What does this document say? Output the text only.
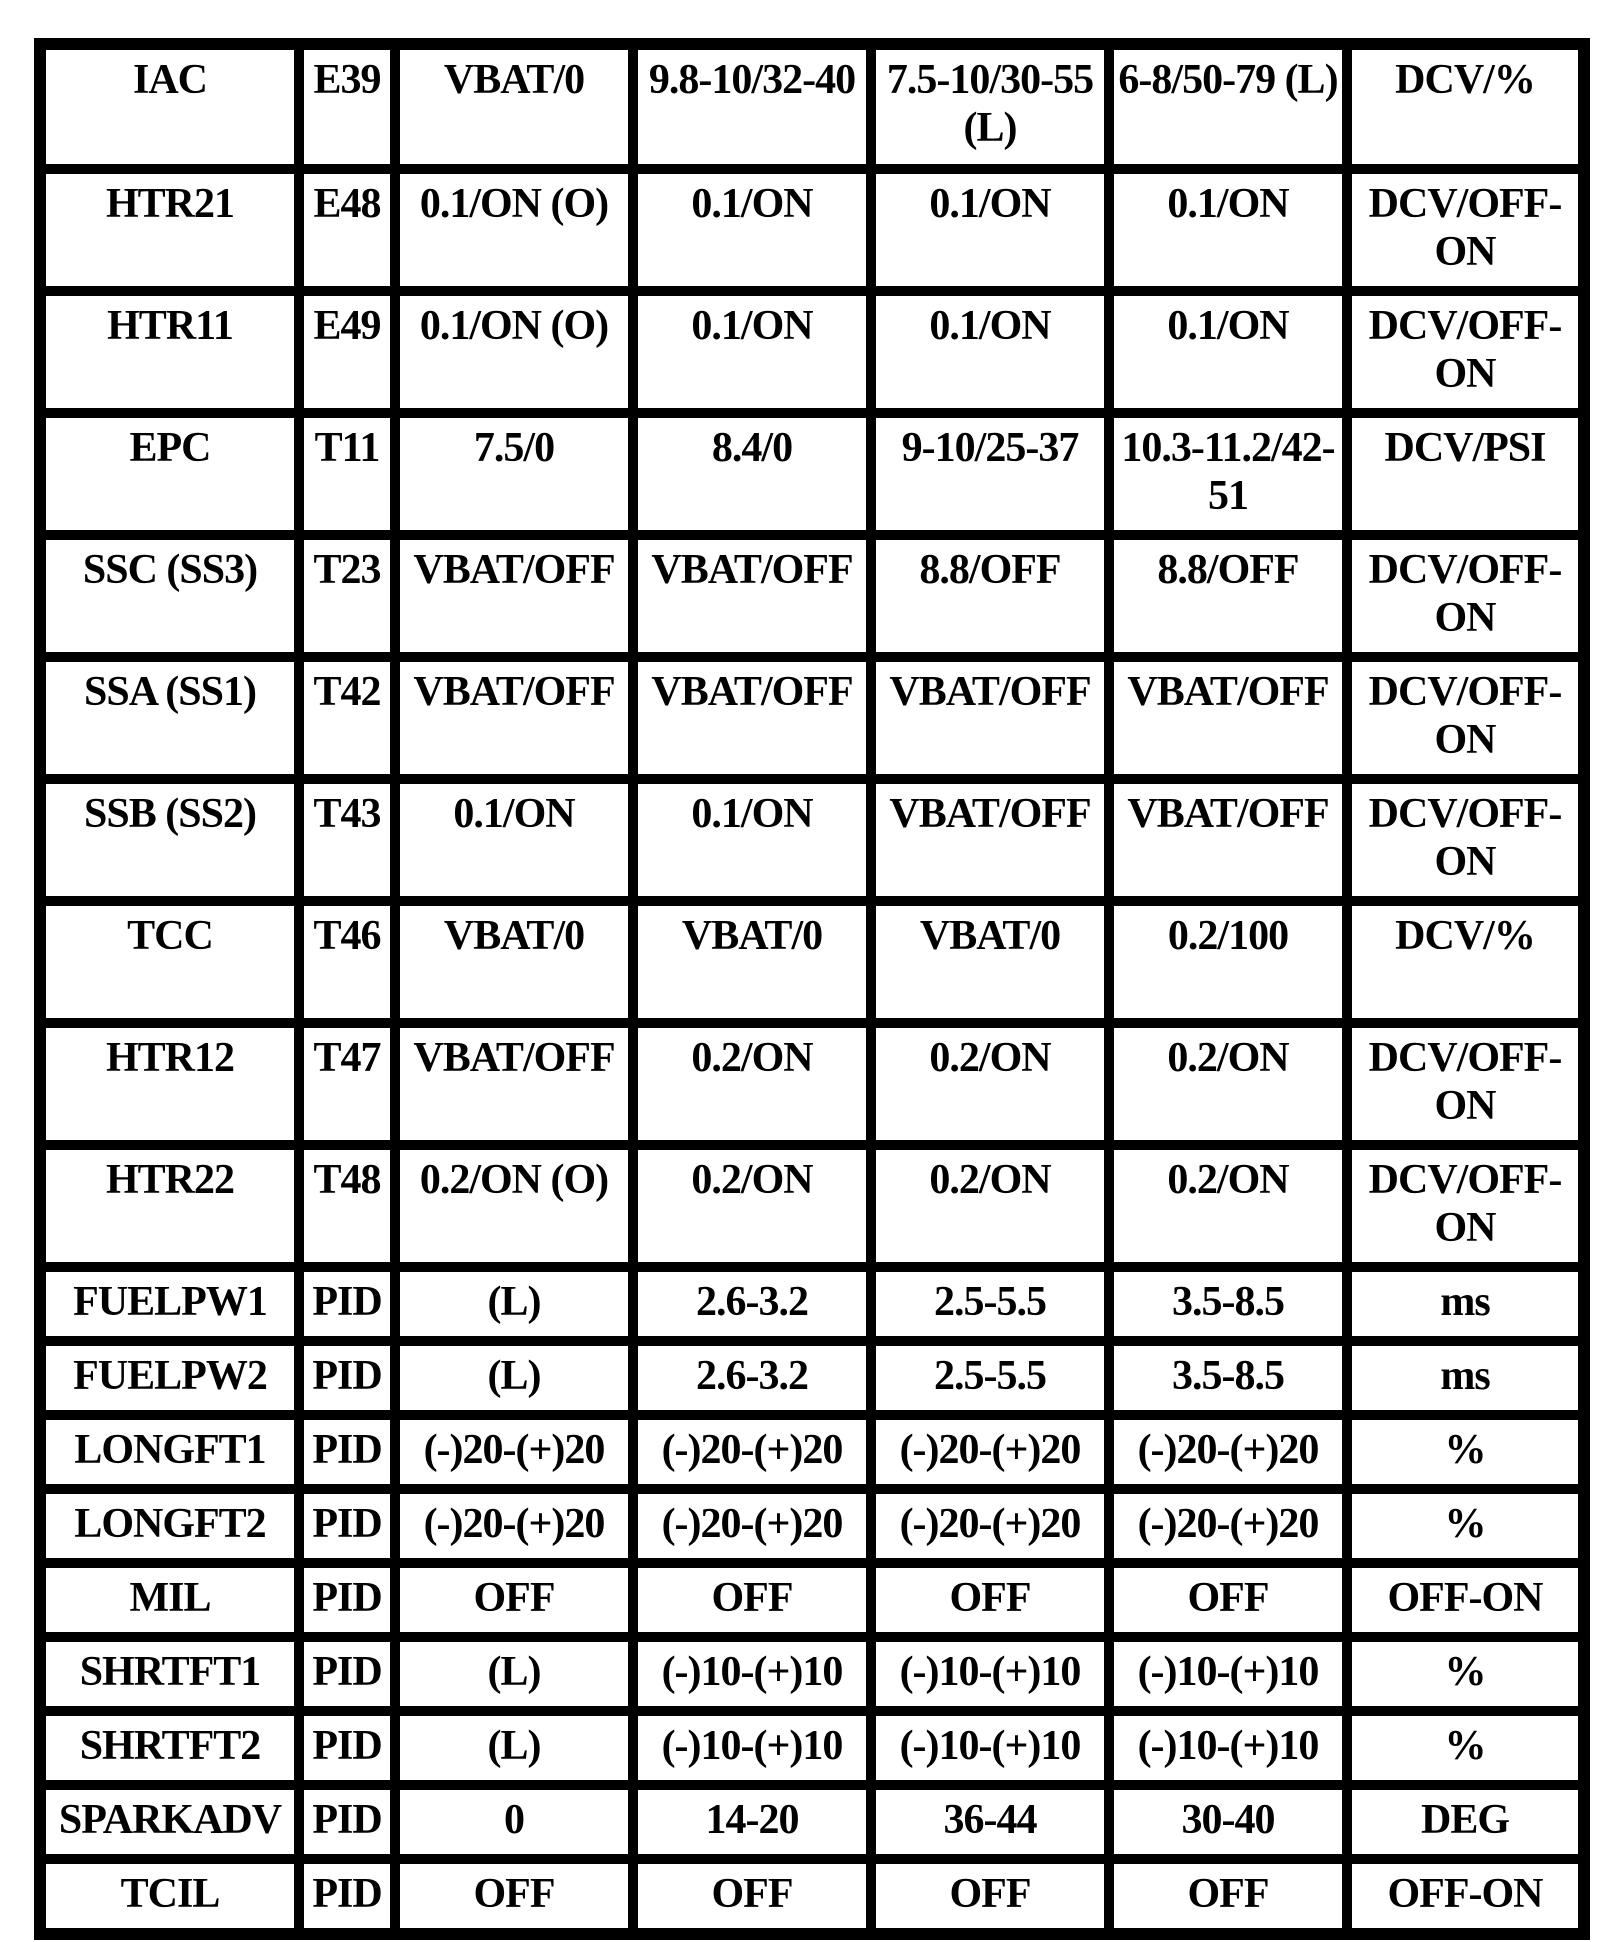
IAC	E39	VBAT/0	9.8-10/32-40	7.5-10/30-55 (L)	6-8/50-79 (L)	DCV/%
HTR21	E48	0.1/ON (O)	0.1/ON	0.1/ON	0.1/ON	DCV/OFF-ON
HTR11	E49	0.1/ON (O)	0.1/ON	0.1/ON	0.1/ON	DCV/OFF-ON
EPC	T11	7.5/0	8.4/0	9-10/25-37	10.3-11.2/42-51	DCV/PSI
SSC (SS3)	T23	VBAT/OFF	VBAT/OFF	8.8/OFF	8.8/OFF	DCV/OFF-ON
SSA (SS1)	T42	VBAT/OFF	VBAT/OFF	VBAT/OFF	VBAT/OFF	DCV/OFF-ON
SSB (SS2)	T43	0.1/ON	0.1/ON	VBAT/OFF	VBAT/OFF	DCV/OFF-ON
TCC	T46	VBAT/0	VBAT/0	VBAT/0	0.2/100	DCV/%
HTR12	T47	VBAT/OFF	0.2/ON	0.2/ON	0.2/ON	DCV/OFF-ON
HTR22	T48	0.2/ON (O)	0.2/ON	0.2/ON	0.2/ON	DCV/OFF-ON
FUELPW1	PID	(L)	2.6-3.2	2.5-5.5	3.5-8.5	ms
FUELPW2	PID	(L)	2.6-3.2	2.5-5.5	3.5-8.5	ms
LONGFT1	PID	(-)20-(+)20	(-)20-(+)20	(-)20-(+)20	(-)20-(+)20	%
LONGFT2	PID	(-)20-(+)20	(-)20-(+)20	(-)20-(+)20	(-)20-(+)20	%
MIL	PID	OFF	OFF	OFF	OFF	OFF-ON
SHRTFT1	PID	(L)	(-)10-(+)10	(-)10-(+)10	(-)10-(+)10	%
SHRTFT2	PID	(L)	(-)10-(+)10	(-)10-(+)10	(-)10-(+)10	%
SPARKADV	PID	0	14-20	36-44	30-40	DEG
TCIL	PID	OFF	OFF	OFF	OFF	OFF-ON
